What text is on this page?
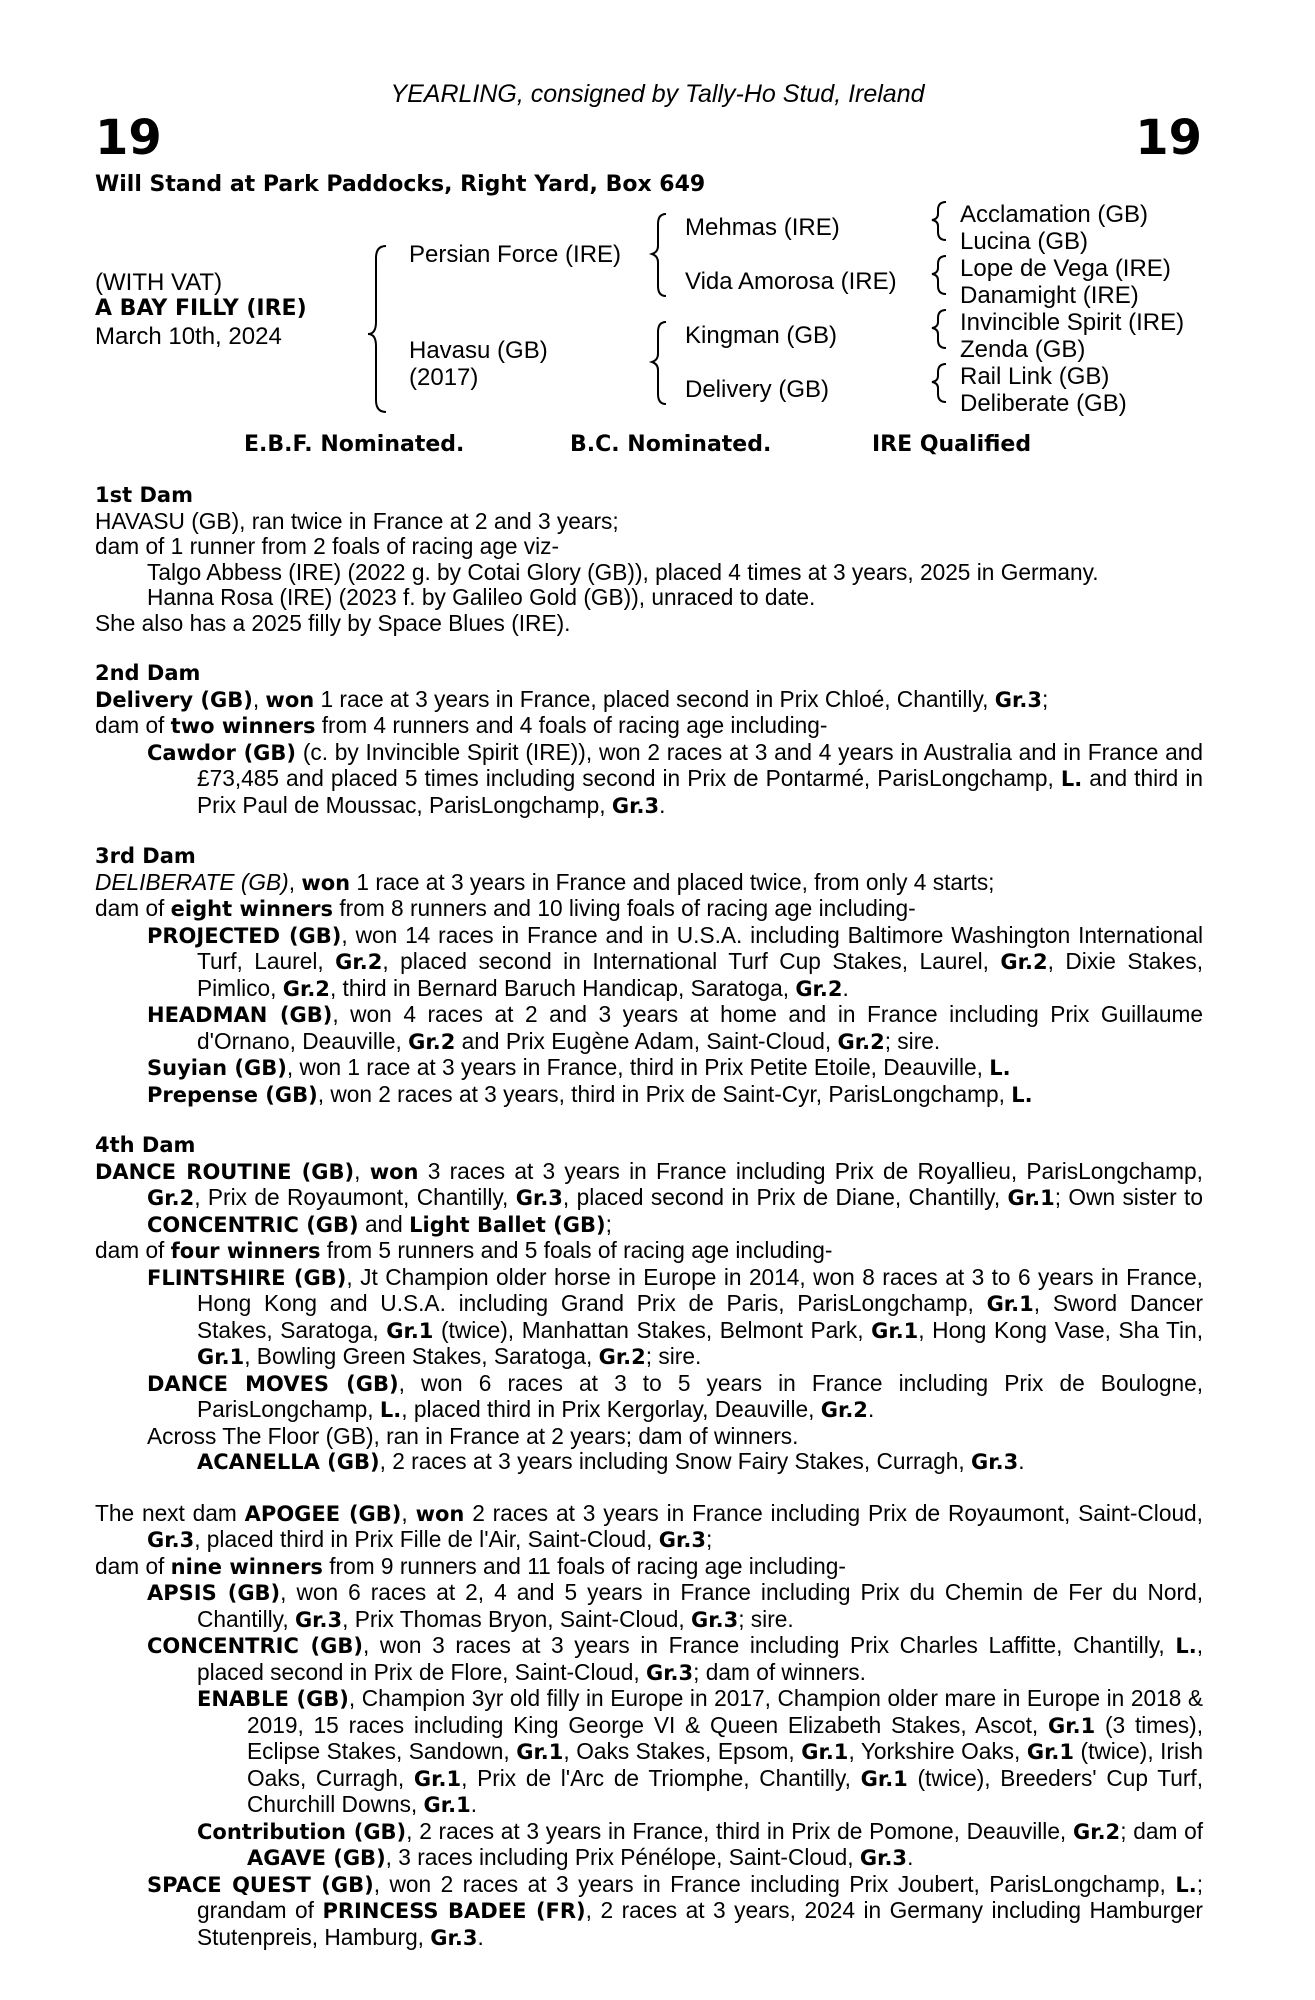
YEARLING, consigned by Tally-Ho Stud, Ireland
19	19
Will Stand at Park Paddocks, Right Yard, Box 649
(WITH VAT)
A BAY FILLY (IRE)
March 10th, 2024
Persian Force (IRE)
Havasu (GB)
(2017)
Mehmas (IRE)
Vida Amorosa (IRE)
Kingman (GB)
Delivery (GB)
Acclamation (GB)
Lucina (GB)
Lope de Vega (IRE)
Danamight (IRE)
Invincible Spirit (IRE)
Zenda (GB)
Rail Link (GB)
Deliberate (GB)
E.B.F. Nominated.	B.C. Nominated.	IRE Qualified
1st Dam
HAVASU (GB), ran twice in France at 2 and 3 years;
dam of 1 runner from 2 foals of racing age viz-
Talgo Abbess (IRE) (2022 g. by Cotai Glory (GB)), placed 4 times at 3 years, 2025 in Germany.
Hanna Rosa (IRE) (2023 f. by Galileo Gold (GB)), unraced to date.
She also has a 2025 filly by Space Blues (IRE).
2nd Dam
Delivery (GB), won 1 race at 3 years in France, placed second in Prix Chloé, Chantilly, Gr.3;
dam of two winners from 4 runners and 4 foals of racing age including-
Cawdor (GB) (c. by Invincible Spirit (IRE)), won 2 races at 3 and 4 years in Australia and in France and £73,485 and placed 5 times including second in Prix de Pontarmé, ParisLongchamp, L. and third in Prix Paul de Moussac, ParisLongchamp, Gr.3.
3rd Dam
DELIBERATE (GB), won 1 race at 3 years in France and placed twice, from only 4 starts;
dam of eight winners from 8 runners and 10 living foals of racing age including-
PROJECTED (GB), won 14 races in France and in U.S.A. including Baltimore Washington International Turf, Laurel, Gr.2, placed second in International Turf Cup Stakes, Laurel, Gr.2, Dixie Stakes, Pimlico, Gr.2, third in Bernard Baruch Handicap, Saratoga, Gr.2.
HEADMAN (GB), won 4 races at 2 and 3 years at home and in France including Prix Guillaume d'Ornano, Deauville, Gr.2 and Prix Eugène Adam, Saint-Cloud, Gr.2; sire.
Suyian (GB), won 1 race at 3 years in France, third in Prix Petite Etoile, Deauville, L.
Prepense (GB), won 2 races at 3 years, third in Prix de Saint-Cyr, ParisLongchamp, L.
4th Dam
DANCE ROUTINE (GB), won 3 races at 3 years in France including Prix de Royallieu, ParisLongchamp, Gr.2, Prix de Royaumont, Chantilly, Gr.3, placed second in Prix de Diane, Chantilly, Gr.1; Own sister to CONCENTRIC (GB) and Light Ballet (GB);
dam of four winners from 5 runners and 5 foals of racing age including-
FLINTSHIRE (GB), Jt Champion older horse in Europe in 2014, won 8 races at 3 to 6 years in France, Hong Kong and U.S.A. including Grand Prix de Paris, ParisLongchamp, Gr.1, Sword Dancer Stakes, Saratoga, Gr.1 (twice), Manhattan Stakes, Belmont Park, Gr.1, Hong Kong Vase, Sha Tin, Gr.1, Bowling Green Stakes, Saratoga, Gr.2; sire.
DANCE MOVES (GB), won 6 races at 3 to 5 years in France including Prix de Boulogne, ParisLongchamp, L., placed third in Prix Kergorlay, Deauville, Gr.2.
Across The Floor (GB), ran in France at 2 years; dam of winners.
ACANELLA (GB), 2 races at 3 years including Snow Fairy Stakes, Curragh, Gr.3.
The next dam APOGEE (GB), won 2 races at 3 years in France including Prix de Royaumont, Saint-Cloud, Gr.3, placed third in Prix Fille de l'Air, Saint-Cloud, Gr.3;
dam of nine winners from 9 runners and 11 foals of racing age including-
APSIS (GB), won 6 races at 2, 4 and 5 years in France including Prix du Chemin de Fer du Nord, Chantilly, Gr.3, Prix Thomas Bryon, Saint-Cloud, Gr.3; sire.
CONCENTRIC (GB), won 3 races at 3 years in France including Prix Charles Laffitte, Chantilly, L., placed second in Prix de Flore, Saint-Cloud, Gr.3; dam of winners.
ENABLE (GB), Champion 3yr old filly in Europe in 2017, Champion older mare in Europe in 2018 & 2019, 15 races including King George VI & Queen Elizabeth Stakes, Ascot, Gr.1 (3 times), Eclipse Stakes, Sandown, Gr.1, Oaks Stakes, Epsom, Gr.1, Yorkshire Oaks, Gr.1 (twice), Irish Oaks, Curragh, Gr.1, Prix de l'Arc de Triomphe, Chantilly, Gr.1 (twice), Breeders' Cup Turf, Churchill Downs, Gr.1.
Contribution (GB), 2 races at 3 years in France, third in Prix de Pomone, Deauville, Gr.2; dam of AGAVE (GB), 3 races including Prix Pénélope, Saint-Cloud, Gr.3.
SPACE QUEST (GB), won 2 races at 3 years in France including Prix Joubert, ParisLongchamp, L.; grandam of PRINCESS BADEE (FR), 2 races at 3 years, 2024 in Germany including Hamburger Stutenpreis, Hamburg, Gr.3.
